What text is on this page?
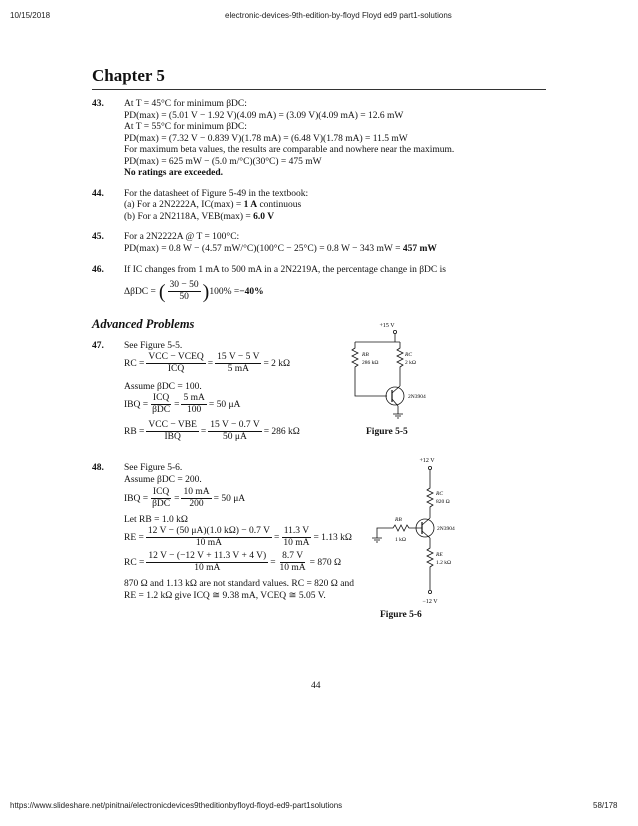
10/15/2018	electronic-devices-9th-edition-by-floyd Floyd ed9 part1-solutions
Chapter 5
43. At T = 45°C for minimum βDC:
PD(max) = (5.01 V − 1.92 V)(4.09 mA) = (3.09 V)(4.09 mA) = 12.6 mW
At T = 55°C for minimum βDC:
PD(max) = (7.32 V − 0.839 V)(1.78 mA) = (6.48 V)(1.78 mA) = 11.5 mW
For maximum beta values, the results are comparable and nowhere near the maximum.
PD(max) = 625 mW − (5.0 m/°C)(30°C) = 475 mW
No ratings are exceeded.
44. For the datasheet of Figure 5-49 in the textbook:
(a) For a 2N2222A, IC(max) = 1 A continuous
(b) For a 2N2118A, VEB(max) = 6.0 V
45. For a 2N2222A @ T = 100°C:
PD(max) = 0.8 W − (4.57 mW/°C)(100°C − 25°C) = 0.8 W − 343 mW = 457 mW
46. If IC changes from 1 mA to 500 mA in a 2N2219A, the percentage change in βDC is
ΔβDC = ( $\frac{30 - 50}{50}$ ) 100% = −40%
Advanced Problems
47. See Figure 5-5.
RC = $\frac{\text{VCC − VCEQ}}{\text{ICQ}} = \frac{15 V - 5 V}{5 mA} = 2$ kΩ
Assume βDC = 100.
IBQ = $\frac{\text{ICQ}}{\text{βDC}} = \frac{5 mA}{100} = 50$ μA
RB = $\frac{\text{VCC − VBE}}{\text{IBQ}} = \frac{15 V - 0.7 V}{50 \mu A} = 286$ kΩ
+15 V
RB
286 kΩ
RC
2 kΩ
2N3904
Figure 5-5
48. See Figure 5-6.
Assume βDC = 200.
IBQ = $\frac{\text{ICQ}}{\text{βDC}} = \frac{10 mA}{200} = 50$ μA
Let RB = 1.0 kΩ
RE = $\frac{12 V - (50 \mu A)(1.0 k\Omega) - 0.7 V}{10 mA} = \frac{11.3 V}{10 mA} = 1.13$ kΩ
RC = $\frac{12 V - (-12 V + 11.3 V + 4 V)}{10 mA} = \frac{8.7 V}{10 mA} = 870$ Ω
870 Ω and 1.13 kΩ are not standard values. RC = 820 Ω and
RE = 1.2 kΩ give ICQ ≅ 9.38 mA, VCEQ ≅ 5.05 V.
+12 V
RC
820 Ω
2N3904
RB
1 kΩ
RE
1.2 kΩ
−12 V
Figure 5-6
44
https://www.slideshare.net/pinitnai/electronicdevices9theditionbyfloyd-floyd-ed9-part1solutions	58/178
